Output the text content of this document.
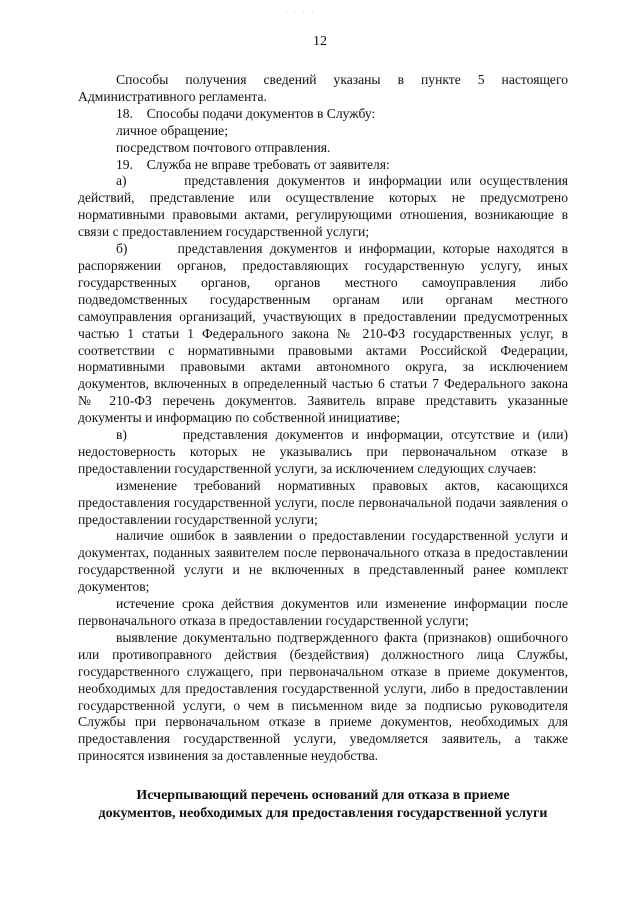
· · · ·
12

Способы получения сведений указаны в пункте 5 настоящего Административного регламента.

18.    Способы подачи документов в Службу:

личное обращение;

посредством почтового отправления.

19.    Служба не вправе требовать от заявителя:

а)       представления документов и информации или осуществления действий, представление или осуществление которых не предусмотрено нормативными правовыми актами, регулирующими отношения, возникающие в связи с предоставлением государственной услуги;

б)       представления документов и информации, которые находятся в распоряжении органов, предоставляющих государственную услугу, иных государственных органов, органов местного самоуправления либо подведомственных государственным органам или органам местного самоуправления организаций, участвующих в предоставлении предусмотренных частью 1 статьи 1 Федерального закона № 210-ФЗ государственных услуг, в соответствии с нормативными правовыми актами Российской Федерации, нормативными правовыми актами автономного округа, за исключением документов, включенных в определенный частью 6 статьи 7 Федерального закона № 210-ФЗ перечень документов. Заявитель вправе представить указанные документы и информацию по собственной инициативе;

в)       представления документов и информации, отсутствие и (или) недостоверность которых не указывались при первоначальном отказе в предоставлении государственной услуги, за исключением следующих случаев:

изменение требований нормативных правовых актов, касающихся предоставления государственной услуги, после первоначальной подачи заявления о предоставлении государственной услуги;

наличие ошибок в заявлении о предоставлении государственной услуги и документах, поданных заявителем после первоначального отказа в предоставлении государственной услуги и не включенных в представленный ранее комплект документов;

истечение срока действия документов или изменение информации после первоначального отказа в предоставлении государственной услуги;

выявление документально подтвержденного факта (признаков) ошибочного или противоправного действия (бездействия) должностного лица Службы, государственного служащего, при первоначальном отказе в приеме документов, необходимых для предоставления государственной услуги, либо в предоставлении государственной услуги, о чем в письменном виде за подписью руководителя Службы при первоначальном отказе в приеме документов, необходимых для предоставления государственной услуги, уведомляется заявитель, а также приносятся извинения за доставленные неудобства.

Исчерпывающий перечень оснований для отказа в приеме
документов, необходимых для предоставления государственной услуги
